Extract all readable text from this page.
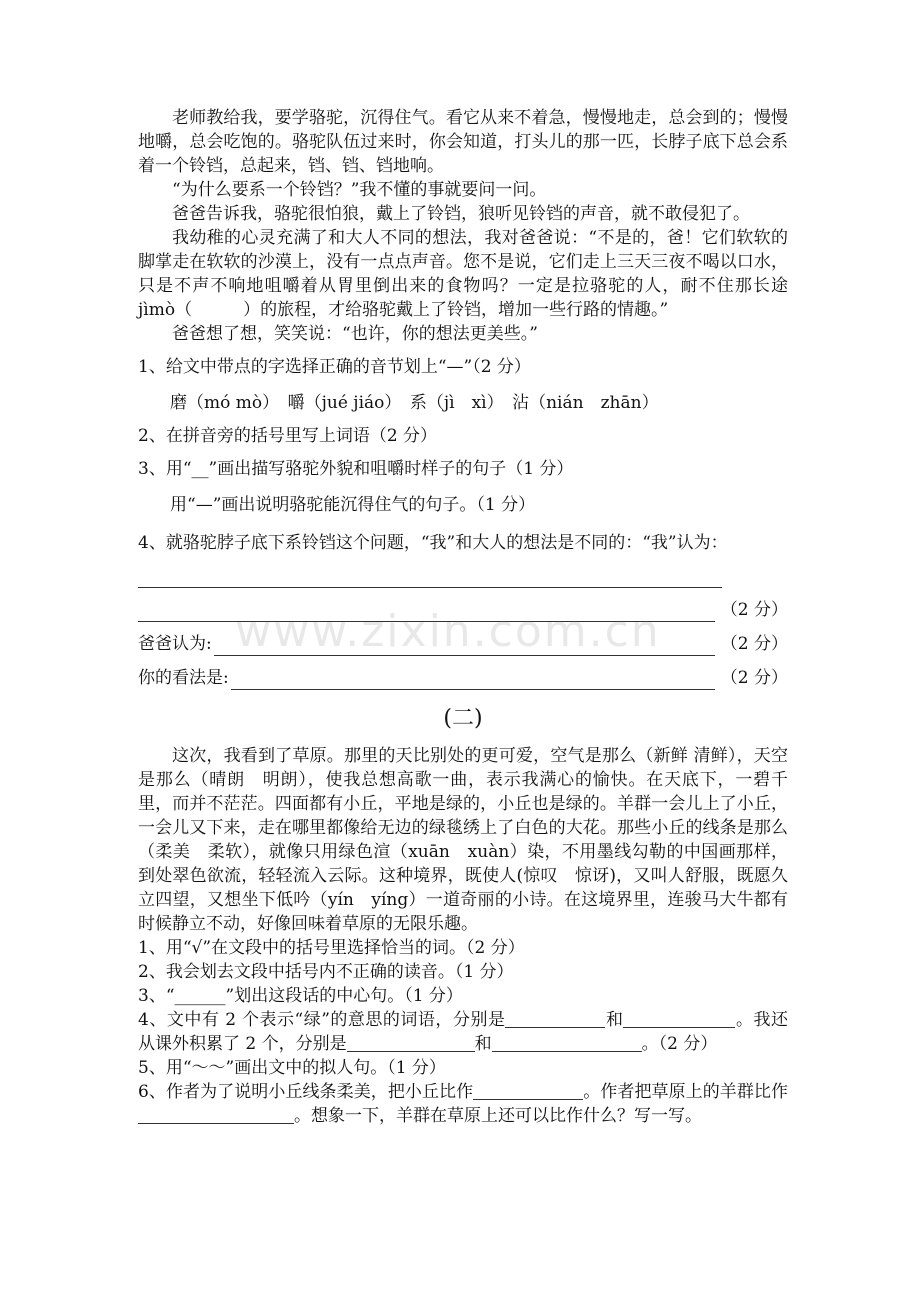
老师教给我，要学骆驼，沉得住气。看它从来不着急，慢慢地走，总会到的；慢慢地嚼，总会吃饱的。骆驼队伍过来时，你会知道，打头儿的那一匹，长脖子底下总会系着一个铃铛，总起来，铛、铛、铛地响。

“为什么要系一个铃铛？”我不懂的事就要问一问。

爸爸告诉我，骆驼很怕狼，戴上了铃铛，狼听见铃铛的声音，就不敢侵犯了。

我幼稚的心灵充满了和大人不同的想法，我对爸爸说：“不是的，爸！它们软软的脚掌走在软软的沙漠上，没有一点点声音。您不是说，它们走上三天三夜不喝以口水，只是不声不响地咀嚼着从胃里倒出来的食物吗？一定是拉骆驼的人，耐不住那长途 jìmò（　　　）的旅程，才给骆驼戴上了铃铛，增加一些行路的情趣。”

爸爸想了想，笑笑说：“也许，你的想法更美些。”

1、给文中带点的字选择正确的音节划上“—”（2 分）

磨（mó mò）　嚼（jué jiáo）　系（jì　xì）　沾（nián　zhān）

2、在拼音旁的括号里写上词语（2 分）

3、用“__”画出描写骆驼外貌和咀嚼时样子的句子（1 分）

用“—”画出说明骆驼能沉得住气的句子。（1 分）

4、就骆驼脖子底下系铃铛这个问题，“我”和大人的想法是不同的：“我”认为：

（2 分）
爸爸认为:	（2 分）
你的看法是:	（2 分）
(二)

这次，我看到了草原。那里的天比别处的更可爱，空气是那么（新鲜 清鲜），天空是那么（晴朗　明朗），使我总想高歌一曲，表示我满心的愉快。在天底下，一碧千里，而并不茫茫。四面都有小丘，平地是绿的，小丘也是绿的。羊群一会儿上了小丘，一会儿又下来，走在哪里都像给无边的绿毯绣上了白色的大花。那些小丘的线条是那么（柔美　柔软），就像只用绿色渲（xuān　xuàn）染，不用墨线勾勒的中国画那样，到处翠色欲流，轻轻流入云际。这种境界，既使人(惊叹　惊讶)，又叫人舒服，既愿久立四望，又想坐下低吟（yín　yíng）一道奇丽的小诗。在这境界里，连骏马大牛都有时候静立不动，好像回味着草原的无限乐趣。

1、用“√”在文段中的括号里选择恰当的词。（2 分）

2、我会划去文段中括号内不正确的读音。（1 分）

3、“______”划出这段话的中心句。（1 分）

4、文中有 2 个表示“绿”的意思的词语，分别是	和	。我还从课外积累了 2 个，分别是	和	。（2 分）

5、用“～～”画出文中的拟人句。（1 分）

6、作者为了说明小丘线条柔美，把小丘比作	。作者把草原上的羊群比作。想象一下，羊群在草原上还可以比作什么？写一写。

www.zixin.com.cn
